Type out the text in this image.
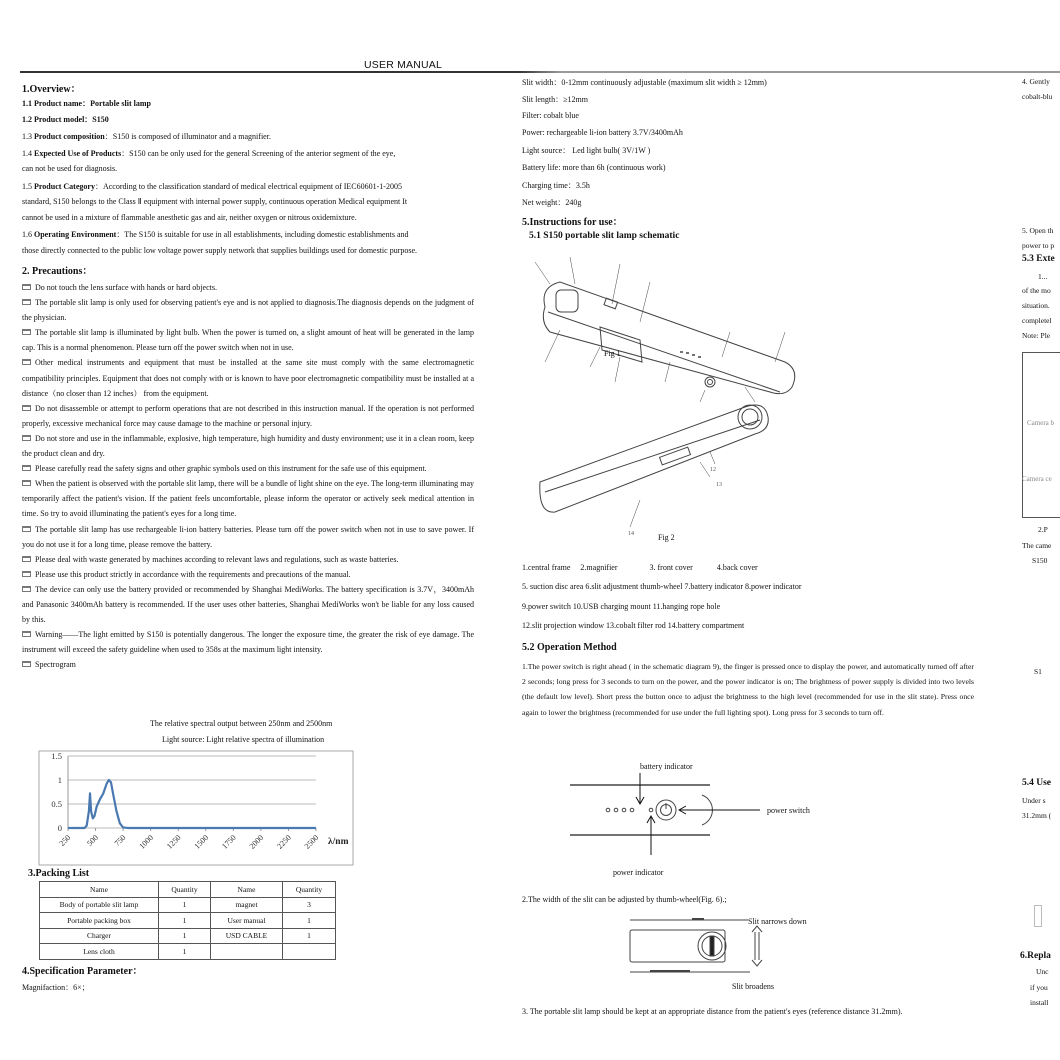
USER MANUAL
1.Overview：
1.1 Product name：Portable slit lamp
1.2 Product model：S150
1.3 Product composition：S150 is composed of illuminator and a magnifier.
1.4 Expected Use of Products：S150 can be only used for the general Screening of the anterior segment of the eye,
can not be used for diagnosis.
1.5 Product Category：According to the classification standard of medical electrical equipment of IEC60601-1-2005
standard, S150 belongs to the Class Ⅱ equipment with internal power supply, continuous operation Medical equipment It
cannot be used in a mixture of flammable anesthetic gas and air, neither oxygen or nitrous oxidemixture.
1.6 Operating Environment：The S150 is suitable for use in all establishments, including domestic establishments and
those directly connected to the public low voltage power supply network that supplies buildings used for domestic purpose.
2. Precautions：
Do not touch the lens surface with hands or hard objects.
The portable slit lamp is only used for observing patient's eye and is not applied to diagnosis.The diagnosis depends on the judgment of the physician.
The portable slit lamp is illuminated by light bulb. When the power is turned on, a slight amount of heat will be generated in the lamp cap. This is a normal phenomenon. Please turn off the power switch when not in use.
Other medical instruments and equipment that must be installed at the same site must comply with the same electromagnetic compatibility principles. Equipment that does not comply with or is known to have poor electromagnetic compatibility must be installed at a distance（no closer than 12 inches） from the equipment.
Do not disassemble or attempt to perform operations that are not described in this instruction manual. If the operation is not performed properly, excessive mechanical force may cause damage to the machine or personal injury.
Do not store and use in the inflammable, explosive, high temperature, high humidity and dusty environment; use it in a clean room, keep the product clean and dry.
Please carefully read the safety signs and other graphic symbols used on this instrument for the safe use of this equipment.
When the patient is observed with the portable slit lamp, there will be a bundle of light shine on the eye. The long-term illuminating may temporarily affect the patient's vision. If the patient feels uncomfortable, please inform the operator or actively seek medical attention in time. So try to avoid illuminating the patient's eyes for a long time.
The portable slit lamp has use rechargeable li-ion battery batteries. Please turn off the power switch when not in use to save power. If you do not use it for a long time, please remove the battery.
Please deal with waste generated by machines according to relevant laws and regulations, such as waste batteries.
Please use this product strictly in accordance with the requirements and precautions of the manual.
The device can only use the battery provided or recommended by Shanghai MediWorks. The battery specification is 3.7V，3400mAh and Panasonic 3400mAh battery is recommended. If the user uses other batteries, Shanghai MediWorks won't be liable for any loss caused by this.
Warning——The light emitted by S150 is potentially dangerous. The longer the exposure time, the greater the risk of eye damage. The instrument will exceed the safety guideline when used to 358s at the maximum light intensity.
Spectrogram
The relative spectral output between 250nm and 2500nm
Light source: Light relative spectra of illumination
0
0.5
1
1.5
250 500 750 1000 1250 1500 1750 2000 2250 2500 λ/nm
3.Packing List
Name	Quantity	Name	Quantity
Body of portable slit lamp	1	magnet	3
Portable packing box	1	User manual	1
Charger	1	USD CABLE	1
Lens cloth	1		
4.Specification Parameter：
Magnifaction：6×；
Slit width：0-12mm continuously adjustable (maximum slit width ≥ 12mm)
Slit length：≥12mm
Filter: cobalt blue
Power: rechargeable li-ion battery 3.7V/3400mAh
Light source： Led light bulb( 3V/1W )
Battery life: more than 6h (continuous work)
Charging time：3.5h
Net weight：240g
5.Instructions for use：
5.1 S150 portable slit lamp schematic
12
13
14
Fig 1
Fig 2
1.central frame     2.magnifier                3. front cover            4.back cover
5. suction disc area 6.slit adjustment thumb-wheel 7.battery indicator 8.power indicator
9.power switch 10.USB charging mount 11.hanging rope hole
12.slit projection window 13.cobalt filter rod 14.battery compartment
5.2 Operation Method
1.The power switch is right ahead ( in the schematic diagram 9), the finger is pressed once to display the power, and automatically turned off after 2 seconds; long press for 3 seconds to turn on the power, and the power indicator is on; The brightness of power supply is divided into two levels (the default low level). Short press the button once to adjust the brightness to the high level (recommended for use in the slit state). Press once again to lower the brightness (recommended for use under the full lighting spot). Long press for 3 seconds to turn off.
battery indicator
power switch
power indicator
2.The width of the slit can be adjusted by thumb-wheel(Fig. 6).;
Slit narrows down
Slit broadens
3. The portable slit lamp should be kept at an appropriate distance from the patient's eyes (reference distance 31.2mm).
4. Gently
cobalt-blu
5. Open th
power to p
5.3 Exte
1...
of the mo
situation.
completel
Note: Ple
2.P
The came
S150
S1
5.4 Use
Under s
31.2mm (
6.Repla
Unc
if you
install
Camera b
Camera ce
